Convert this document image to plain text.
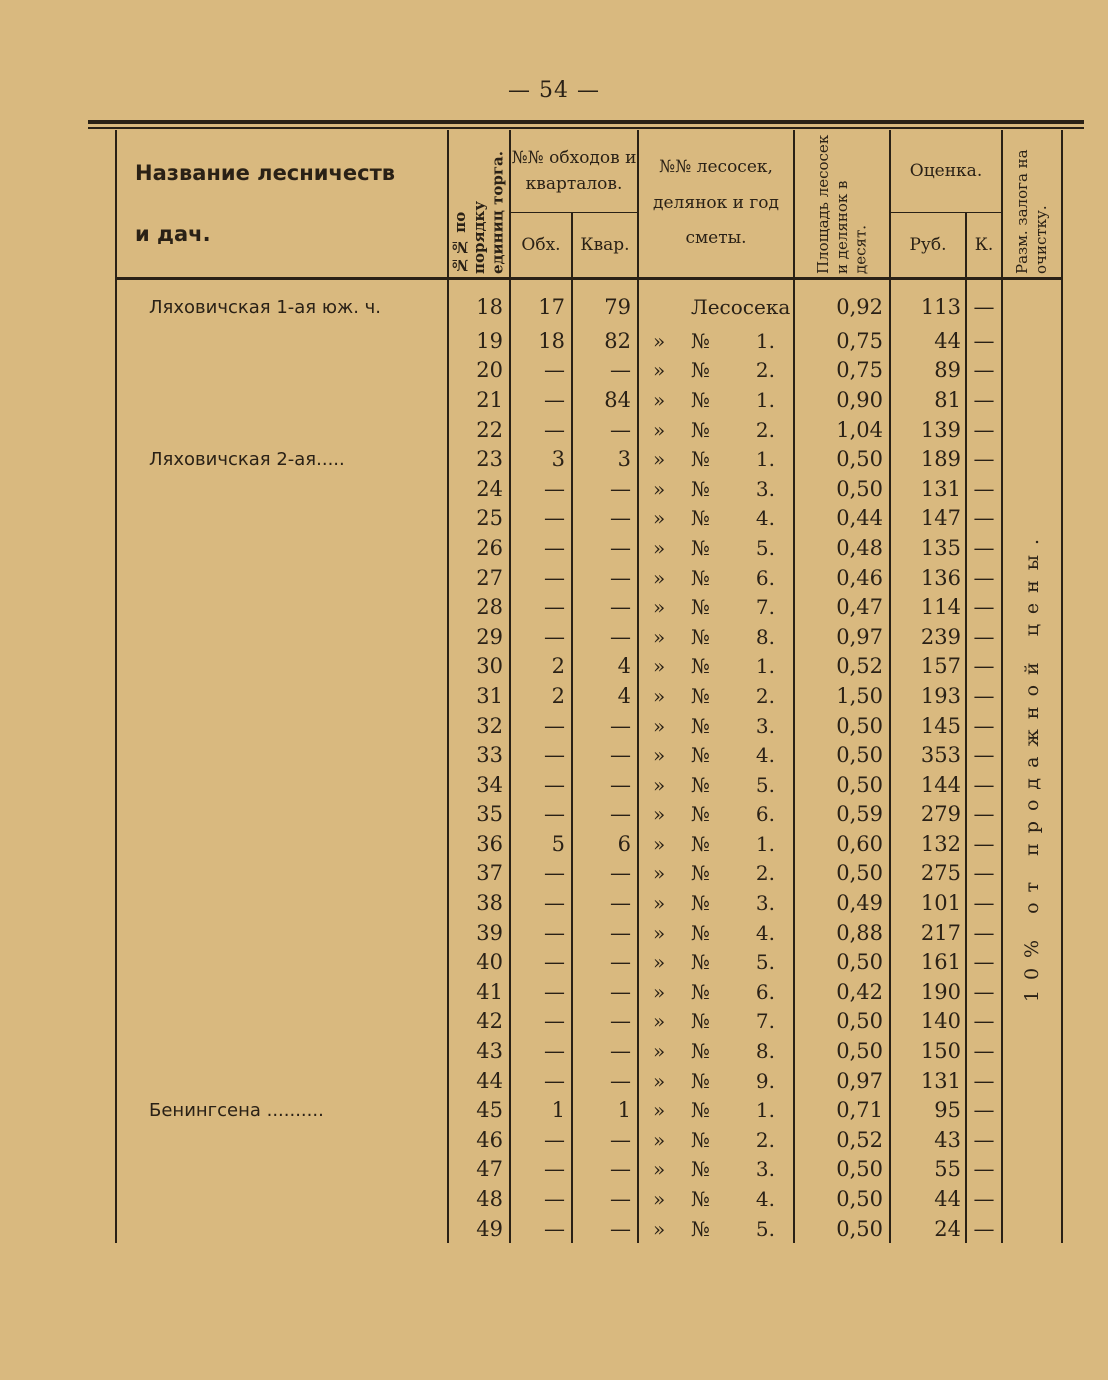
— 54 —
Название лесничеств
и дач.	№№ по порядку единиц торга.	№№ обходов и кварталов.		№№ лесосек, делянок и год сметы.	Площадь лесосек и делянок в десят.	Оценка.		Разм. залога на очистку.

		Обх.	Квар.			Руб.	К.	
Ляховичская 1-ая юж. ч.	18	17	79	Лесосека	0,92	113	—	10% от продажной цены.

	19	18	82	» № 1.	0,75	44	—	
	20	—	—	» № 2.	0,75	89	—	
	21	—	84	» № 1.	0,90	81	—	
	22	—	—	» № 2.	1,04	139	—	
Ляховичская 2-ая.....	23	3	3	» № 1.	0,50	189	—	
	24	—	—	» № 3.	0,50	131	—	
	25	—	—	» № 4.	0,44	147	—	
	26	—	—	» № 5.	0,48	135	—	
	27	—	—	» № 6.	0,46	136	—	
	28	—	—	» № 7.	0,47	114	—	
	29	—	—	» № 8.	0,97	239	—	
	30	2	4	» № 1.	0,52	157	—	
	31	2	4	» № 2.	1,50	193	—	
	32	—	—	» № 3.	0,50	145	—	
	33	—	—	» № 4.	0,50	353	—	
	34	—	—	» № 5.	0,50	144	—	
	35	—	—	» № 6.	0,59	279	—	
	36	5	6	» № 1.	0,60	132	—	
	37	—	—	» № 2.	0,50	275	—	
	38	—	—	» № 3.	0,49	101	—	
	39	—	—	» № 4.	0,88	217	—	
	40	—	—	» № 5.	0,50	161	—	
	41	—	—	» № 6.	0,42	190	—	
	42	—	—	» № 7.	0,50	140	—	
	43	—	—	» № 8.	0,50	150	—	
	44	—	—	» № 9.	0,97	131	—	
Бенингсена ..........	45	1	1	» № 1.	0,71	95	—	
	46	—	—	» № 2.	0,52	43	—	
	47	—	—	» № 3.	0,50	55	—	
	48	—	—	» № 4.	0,50	44	—	
	49	—	—	» № 5.	0,50	24	—	
